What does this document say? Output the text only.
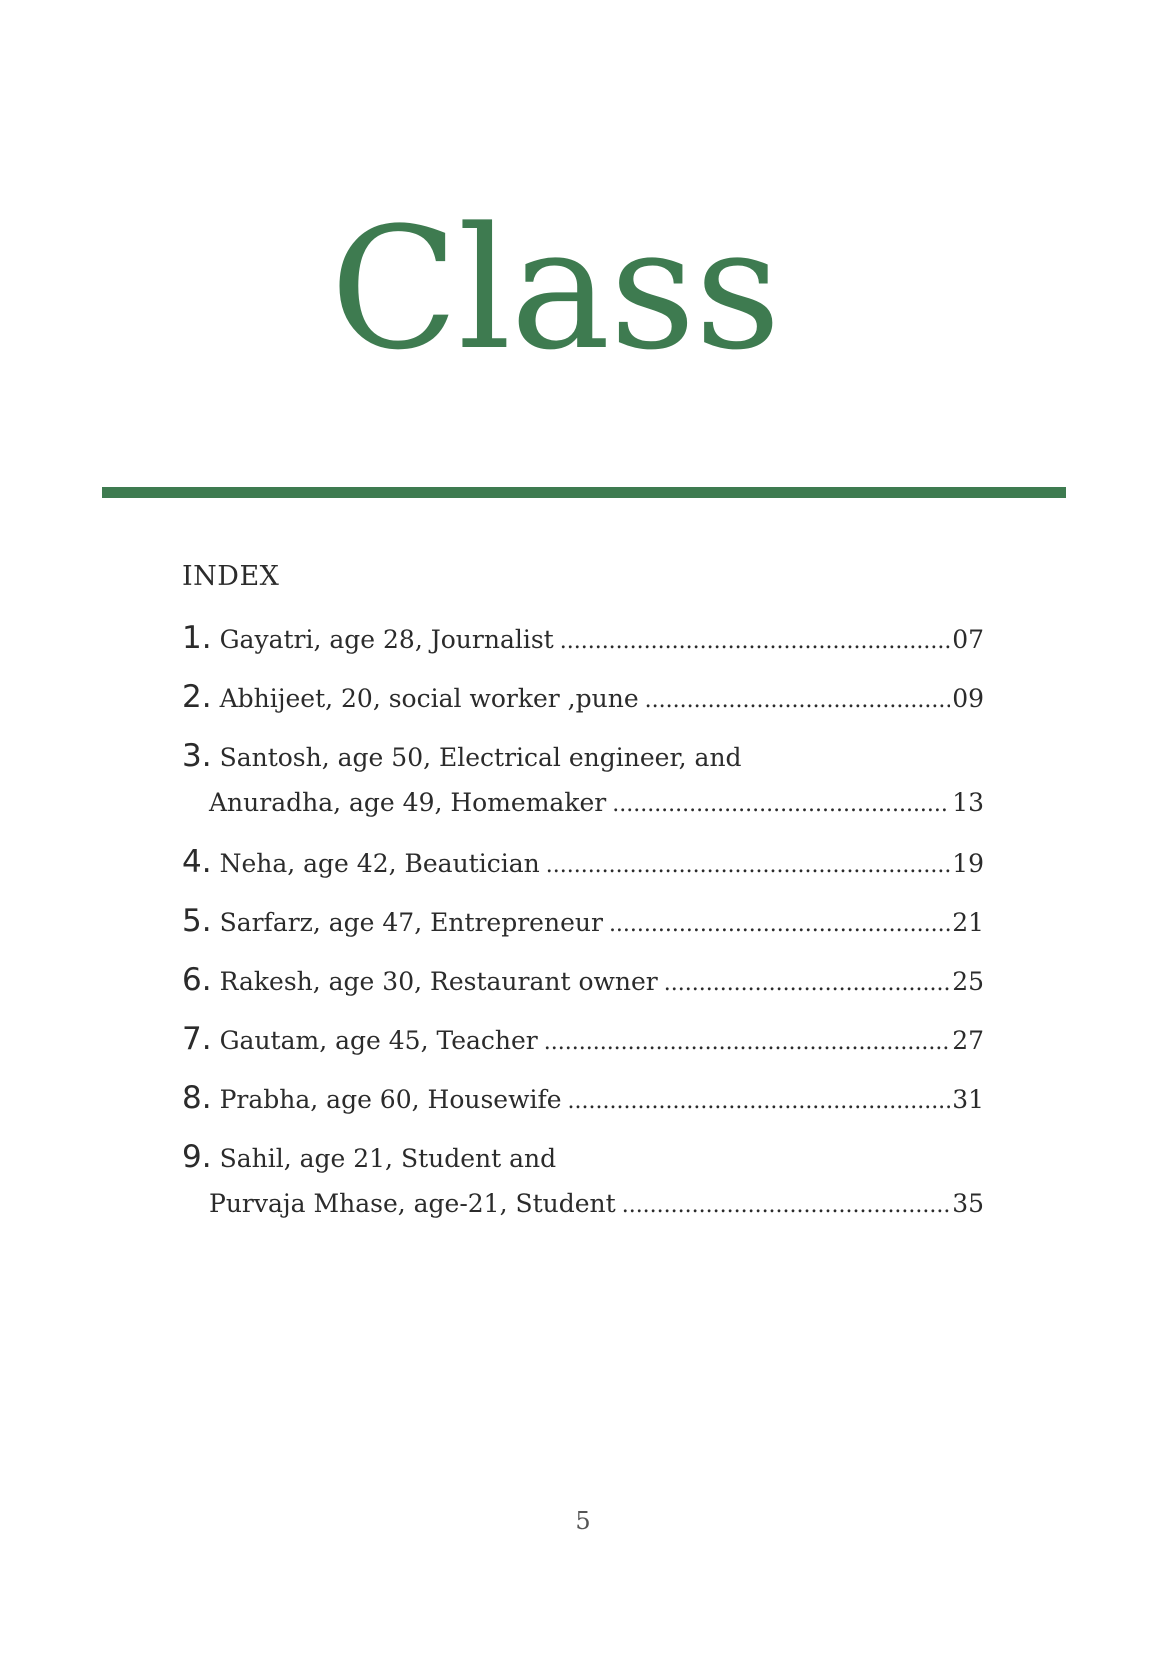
Class
INDEX
1. Gayatri, age 28, Journalist .....	07
2. Abhijeet, 20, social worker ,pune .....	09
3. Santosh, age 50, Electrical engineer, and
Anuradha, age 49, Homemaker .....	13
4. Neha, age 42, Beautician .....	19
5. Sarfarz, age 47, Entrepreneur .....	21
6. Rakesh, age 30, Restaurant owner .....	25
7. Gautam, age 45, Teacher .....	27
8. Prabha, age 60, Housewife .....	31
9. Sahil, age 21, Student and
Purvaja Mhase, age-21, Student .....	35
5
